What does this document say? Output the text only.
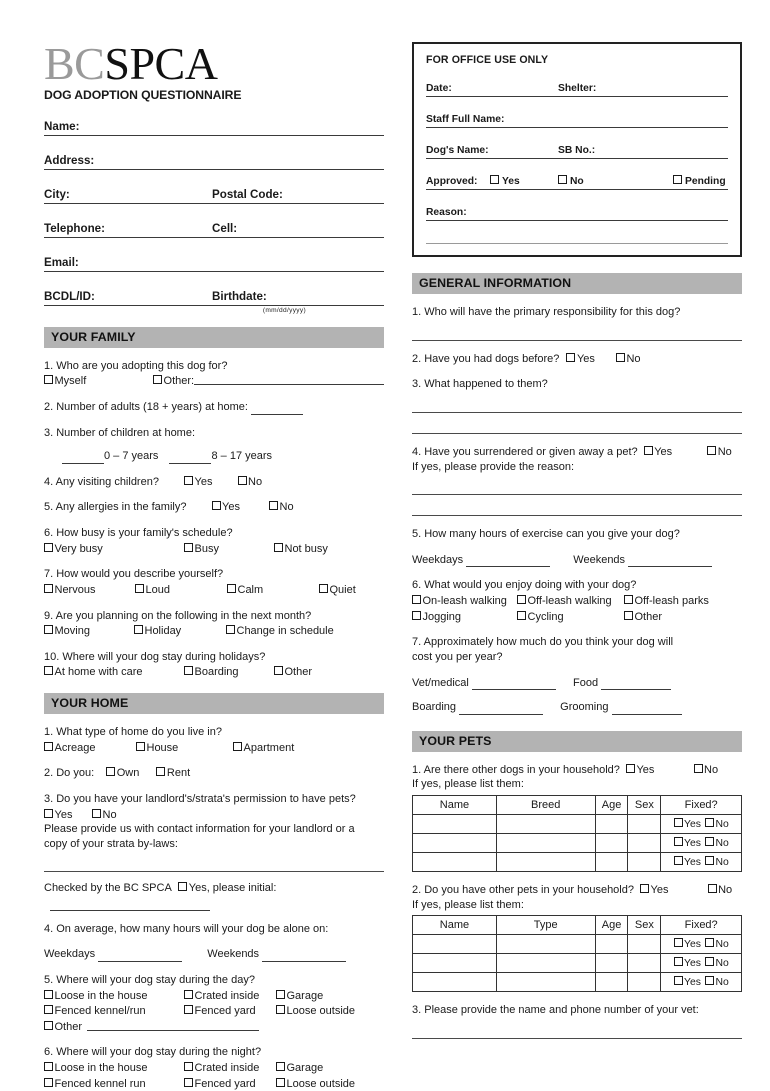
BCSPCA
DOG ADOPTION QUESTIONNAIRE
Name:
Address:
City:	Postal Code:
Telephone:	Cell:
Email:
BCDL/ID:	Birthdate:
(mm/dd/yyyy)
YOUR FAMILY
1. Who are you adopting this dog for?
Myself	Other:
2. Number of adults (18 + years) at home:
3. Number of children at home:
0 – 7 years	8 – 17 years
4. Any visiting children?	Yes	No
5. Any allergies in the family?	Yes	No
6. How busy is your family's schedule?
Very busy	Busy	Not busy
7. How would you describe yourself?
Nervous	Loud	Calm	Quiet
9. Are you planning on the following in the next month?
Moving	Holiday	Change in schedule
10. Where will your dog stay during holidays?
At home with care	Boarding	Other
YOUR HOME
1. What type of home do you live in?
Acreage	House	Apartment
2. Do you: Own	Rent
3. Do you have your landlord's/strata's permission to have pets?
Yes	No
Please provide us with contact information for your landlord or a
copy of your strata by-laws:
Checked by the BC SPCA Yes, please initial:
4. On average, how many hours will your dog be alone on:
Weekdays	Weekends
5. Where will your dog stay during the day?
Loose in the house	Crated inside	Garage
Fenced kennel/run	Fenced yard	Loose outside
Other
6. Where will your dog stay during the night?
Loose in the house	Crated inside	Garage
Fenced kennel run	Fenced yard	Loose outside
FOR OFFICE USE ONLY
Date:	Shelter:
Staff Full Name:
Dog's Name:	SB No.:
Approved:	Yes	No	Pending
Reason:
GENERAL INFORMATION
1. Who will have the primary responsibility for this dog?
2. Have you had dogs before? Yes	No
3. What happened to them?
4. Have you surrendered or given away a pet? Yes	No
If yes, please provide the reason:
5. How many hours of exercise can you give your dog?
Weekdays	Weekends
6. What would you enjoy doing with your dog?
On-leash walking	Off-leash walking	Off-leash parks
Jogging	Cycling	Other
7. Approximately how much do you think your dog will
cost you per year?
Vet/medical	Food
Boarding	Grooming
YOUR PETS
1. Are there other dogs in your household? Yes	No
If yes, please list them:
Name	Breed	Age	Sex	Fixed?
				Yes No
				Yes No
				Yes No
2. Do you have other pets in your household? Yes	No
If yes, please list them:
Name	Type	Age	Sex	Fixed?
				Yes No
				Yes No
				Yes No
3. Please provide the name and phone number of your vet:
